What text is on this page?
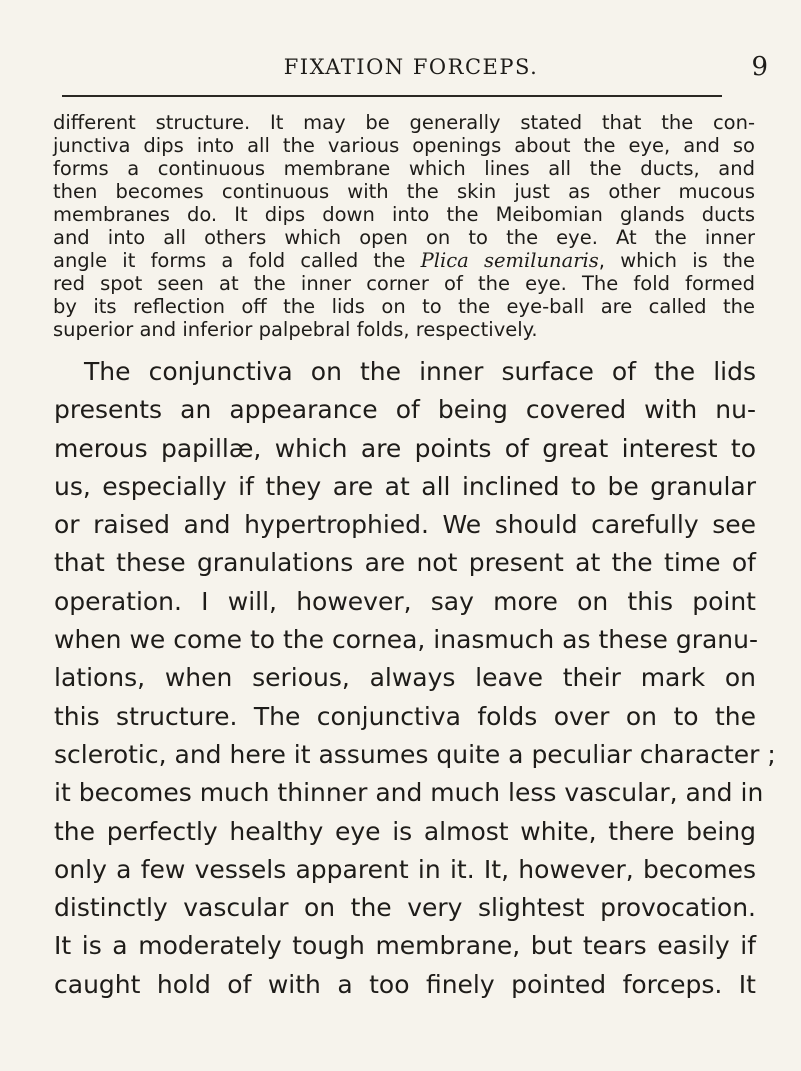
FIXATION FORCEPS.	9

different structure. It may be generally stated that the con-
junctiva dips into all the various openings about the eye, and so
forms a continuous membrane which lines all the ducts, and
then becomes continuous with the skin just as other mucous
membranes do. It dips down into the Meibomian glands ducts
and into all others which open on to the eye. At the inner
angle it forms a fold called the Plica semilunaris, which is the
red spot seen at the inner corner of the eye. The fold formed
by its reflection off the lids on to the eye-ball are called the
superior and inferior palpebral folds, respectively.

The conjunctiva on the inner surface of the lids
presents an appearance of being covered with nu-
merous papillæ, which are points of great interest to
us, especially if they are at all inclined to be granular
or raised and hypertrophied. We should carefully see
that these granulations are not present at the time of
operation. I will, however, say more on this point
when we come to the cornea, inasmuch as these granu-
lations, when serious, always leave their mark on
this structure. The conjunctiva folds over on to the
sclerotic, and here it assumes quite a peculiar character ;
it becomes much thinner and much less vascular, and in
the perfectly healthy eye is almost white, there being
only a few vessels apparent in it. It, however, becomes
distinctly vascular on the very slightest provocation.
It is a moderately tough membrane, but tears easily if
caught hold of with a too finely pointed forceps. It
